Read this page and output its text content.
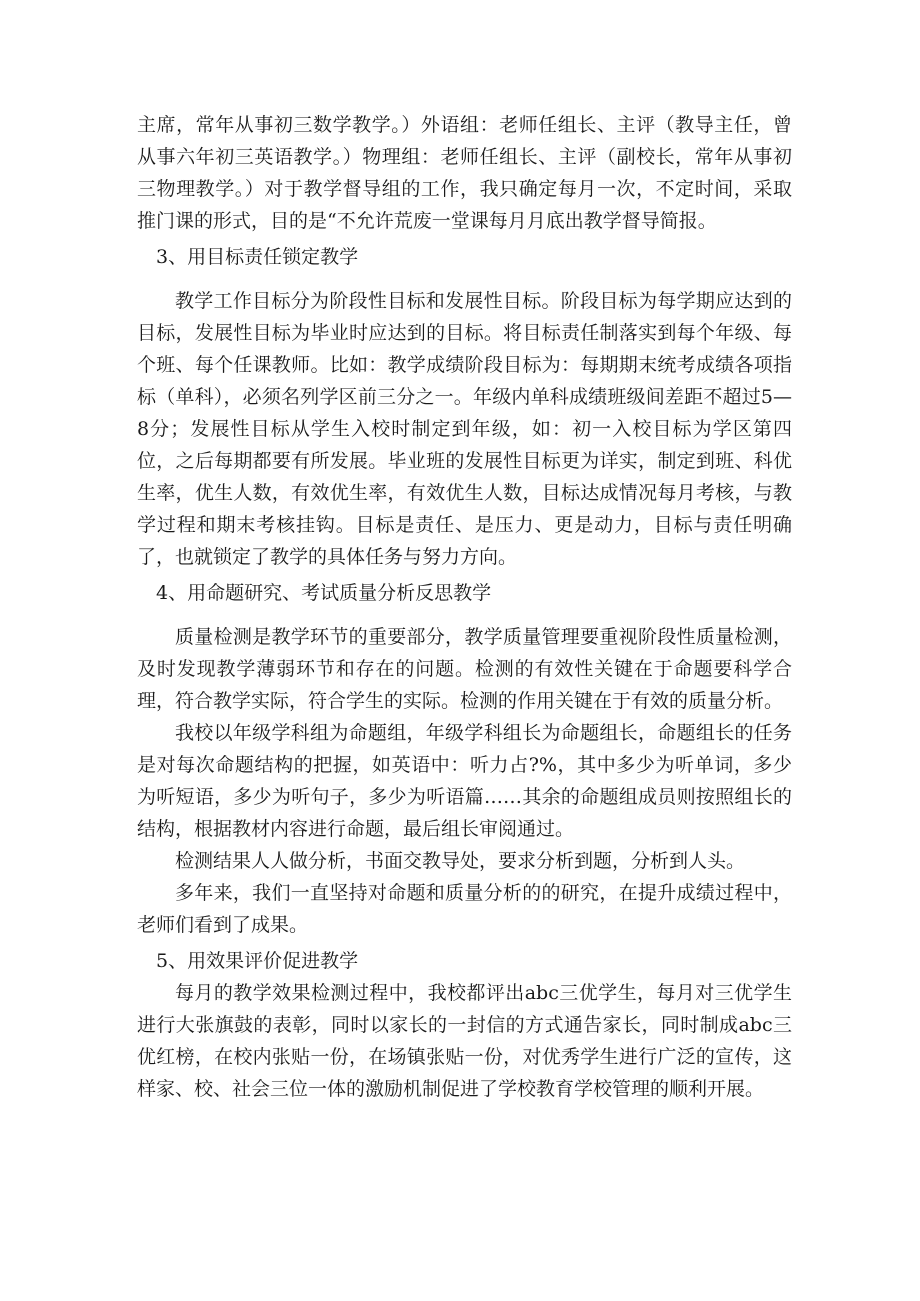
主席，常年从事初三数学教学。）外语组：老师任组长、主评（教导主任，曾从事六年初三英语教学。）物理组：老师任组长、主评（副校长，常年从事初三物理教学。）对于教学督导组的工作，我只确定每月一次，不定时间，采取推门课的形式，目的是“不允许荒废一堂课每月月底出教学督导简报。

3、用目标责任锁定教学

教学工作目标分为阶段性目标和发展性目标。阶段目标为每学期应达到的目标，发展性目标为毕业时应达到的目标。将目标责任制落实到每个年级、每个班、每个任课教师。比如：教学成绩阶段目标为：每期期末统考成绩各项指标（单科），必须名列学区前三分之一。年级内单科成绩班级间差距不超过5—8分；发展性目标从学生入校时制定到年级，如：初一入校目标为学区第四位，之后每期都要有所发展。毕业班的发展性目标更为详实，制定到班、科优生率，优生人数，有效优生率，有效优生人数，目标达成情况每月考核，与教学过程和期末考核挂钩。目标是责任、是压力、更是动力，目标与责任明确了，也就锁定了教学的具体任务与努力方向。

4、用命题研究、考试质量分析反思教学

质量检测是教学环节的重要部分，教学质量管理要重视阶段性质量检测，及时发现教学薄弱环节和存在的问题。检测的有效性关键在于命题要科学合理，符合教学实际，符合学生的实际。检测的作用关键在于有效的质量分析。

我校以年级学科组为命题组，年级学科组长为命题组长，命题组长的任务是对每次命题结构的把握，如英语中：听力占?%，其中多少为听单词，多少为听短语，多少为听句子，多少为听语篇……其余的命题组成员则按照组长的结构，根据教材内容进行命题，最后组长审阅通过。

检测结果人人做分析，书面交教导处，要求分析到题，分析到人头。

多年来，我们一直坚持对命题和质量分析的的研究，在提升成绩过程中，老师们看到了成果。

5、用效果评价促进教学

每月的教学效果检测过程中，我校都评出abc三优学生，每月对三优学生进行大张旗鼓的表彰，同时以家长的一封信的方式通告家长，同时制成abc三优红榜，在校内张贴一份，在场镇张贴一份，对优秀学生进行广泛的宣传，这样家、校、社会三位一体的激励机制促进了学校教育学校管理的顺利开展。
